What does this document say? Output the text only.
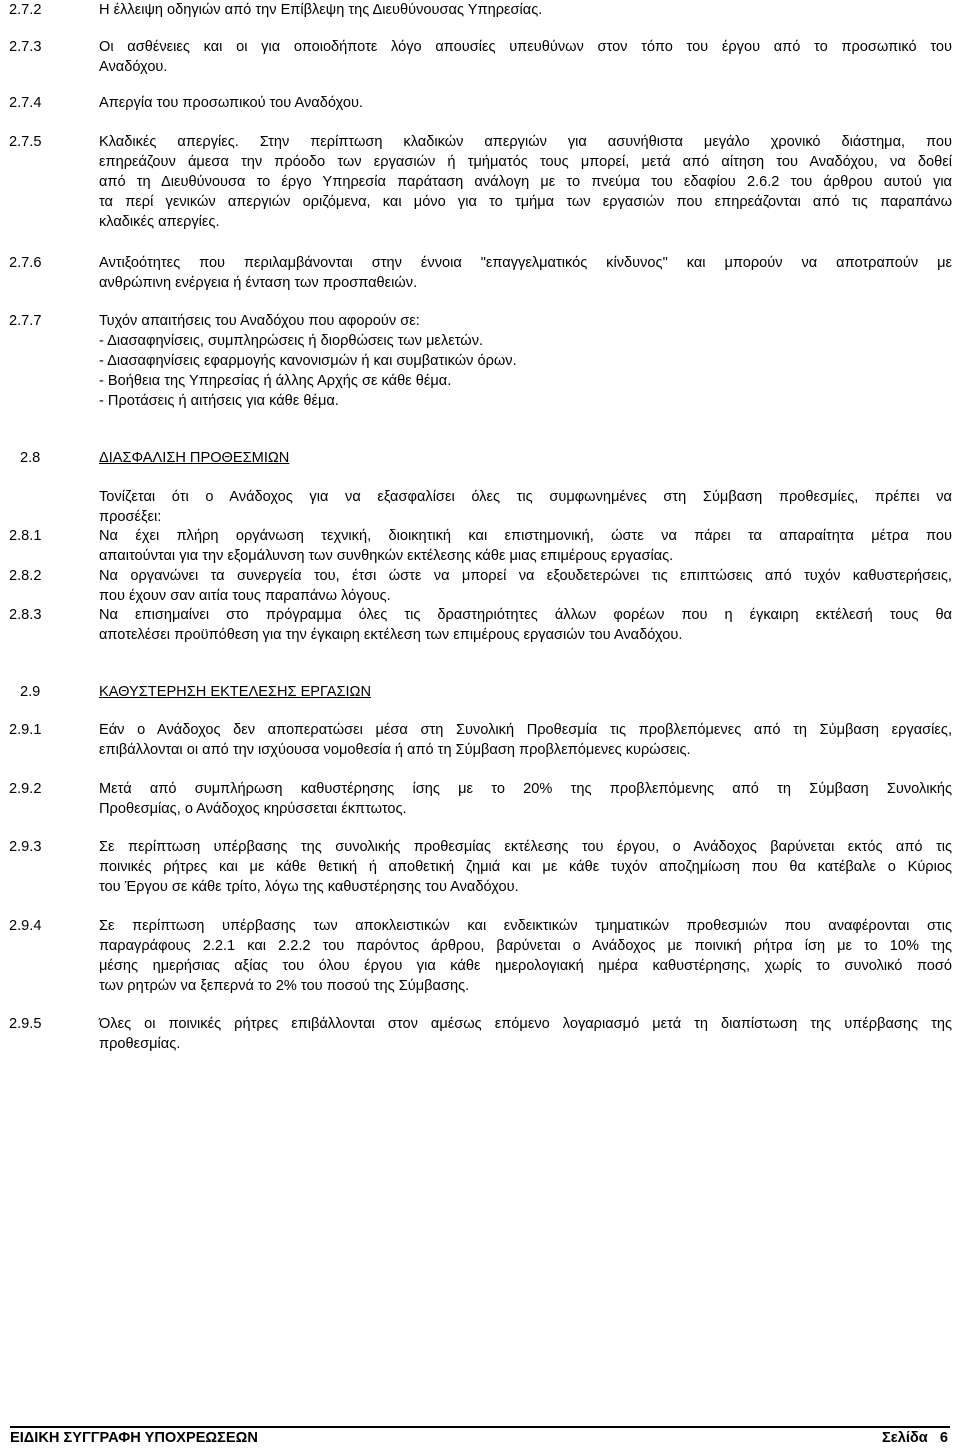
2.7.2	Η έλλειψη οδηγιών από την Επίβλεψη της Διευθύνουσας Υπηρεσίας.
2.7.3	Οι ασθένειες και οι για οποιοδήποτε λόγο απουσίες υπευθύνων στον τόπο του έργου από το προσωπικό του
Αναδόχου.
2.7.4	Απεργία του προσωπικού του Αναδόχου.
2.7.5	Κλαδικές απεργίες. Στην περίπτωση κλαδικών απεργιών για ασυνήθιστα μεγάλο χρονικό διάστημα, που
επηρεάζουν άμεσα την πρόοδο των εργασιών ή τμήματός τους μπορεί, μετά από αίτηση του Αναδόχου, να δοθεί
από τη Διευθύνουσα το έργο Υπηρεσία παράταση ανάλογη με το πνεύμα του εδαφίου 2.6.2 του άρθρου αυτού για
τα περί γενικών απεργιών οριζόμενα, και μόνο για το τμήμα των εργασιών που επηρεάζονται από τις παραπάνω
κλαδικές απεργίες.
2.7.6	Αντιξοότητες που περιλαμβάνονται στην έννοια "επαγγελματικός κίνδυνος" και μπορούν να αποτραπούν με
ανθρώπινη ενέργεια ή ένταση των προσπαθειών.
2.7.7	Τυχόν απαιτήσεις του Αναδόχου που αφορούν σε:
- Διασαφηνίσεις, συμπληρώσεις ή διορθώσεις των μελετών.
- Διασαφηνίσεις εφαρμογής κανονισμών ή και συμβατικών όρων.
- Βοήθεια της Υπηρεσίας ή άλλης Αρχής σε κάθε θέμα.
- Προτάσεις ή αιτήσεις για κάθε θέμα.
2.8	ΔΙΑΣΦΑΛΙΣΗ ΠΡΟΘΕΣΜΙΩΝ
Τονίζεται ότι ο Ανάδοχος για να εξασφαλίσει όλες τις συμφωνημένες στη Σύμβαση προθεσμίες, πρέπει να
προσέξει:
2.8.1	Να έχει πλήρη οργάνωση τεχνική, διοικητική και επιστημονική, ώστε να πάρει τα απαραίτητα μέτρα που
απαιτούνται για την εξομάλυνση των συνθηκών εκτέλεσης κάθε μιας επιμέρους εργασίας.
2.8.2	Να οργανώνει τα συνεργεία του, έτσι ώστε να μπορεί να εξουδετερώνει τις επιπτώσεις από τυχόν καθυστερήσεις,
που έχουν σαν αιτία τους παραπάνω λόγους.
2.8.3	Να επισημαίνει στο πρόγραμμα όλες τις δραστηριότητες άλλων φορέων που η έγκαιρη εκτέλεσή τους θα
αποτελέσει προϋπόθεση για την έγκαιρη εκτέλεση των επιμέρους εργασιών του Αναδόχου.
2.9	ΚΑΘΥΣΤΕΡΗΣΗ ΕΚΤΕΛΕΣΗΣ ΕΡΓΑΣΙΩΝ
2.9.1	Εάν ο Ανάδοχος δεν αποπερατώσει μέσα στη Συνολική Προθεσμία τις προβλεπόμενες από τη Σύμβαση εργασίες,
επιβάλλονται οι από την ισχύουσα νομοθεσία ή από τη Σύμβαση προβλεπόμενες κυρώσεις.
2.9.2	Μετά από συμπλήρωση καθυστέρησης ίσης με το 20% της προβλεπόμενης από τη Σύμβαση Συνολικής
Προθεσμίας, ο Ανάδοχος κηρύσσεται έκπτωτος.
2.9.3	Σε περίπτωση υπέρβασης της συνολικής προθεσμίας εκτέλεσης του έργου, ο Ανάδοχος βαρύνεται εκτός από τις
ποινικές ρήτρες και με κάθε θετική ή αποθετική ζημιά και με κάθε τυχόν αποζημίωση που θα κατέβαλε ο Κύριος
του Έργου σε κάθε τρίτο, λόγω της καθυστέρησης του Αναδόχου.
2.9.4	Σε περίπτωση υπέρβασης των αποκλειστικών και ενδεικτικών τμηματικών προθεσμιών που αναφέρονται στις
παραγράφους 2.2.1 και 2.2.2 του παρόντος άρθρου, βαρύνεται ο Ανάδοχος με ποινική ρήτρα ίση με το 10% της
μέσης ημερήσιας αξίας του όλου έργου για κάθε ημερολογιακή ημέρα καθυστέρησης, χωρίς το συνολικό ποσό
των ρητρών να ξεπερνά το 2% του ποσού της Σύμβασης.
2.9.5	Όλες οι ποινικές ρήτρες επιβάλλονται στον αμέσως επόμενο λογαριασμό μετά τη διαπίστωση της υπέρβασης της
προθεσμίας.
ΕΙΔΙΚΗ ΣΥΓΓΡΑΦΗ ΥΠΟΧΡΕΩΣΕΩΝ	Σελίδα 6
